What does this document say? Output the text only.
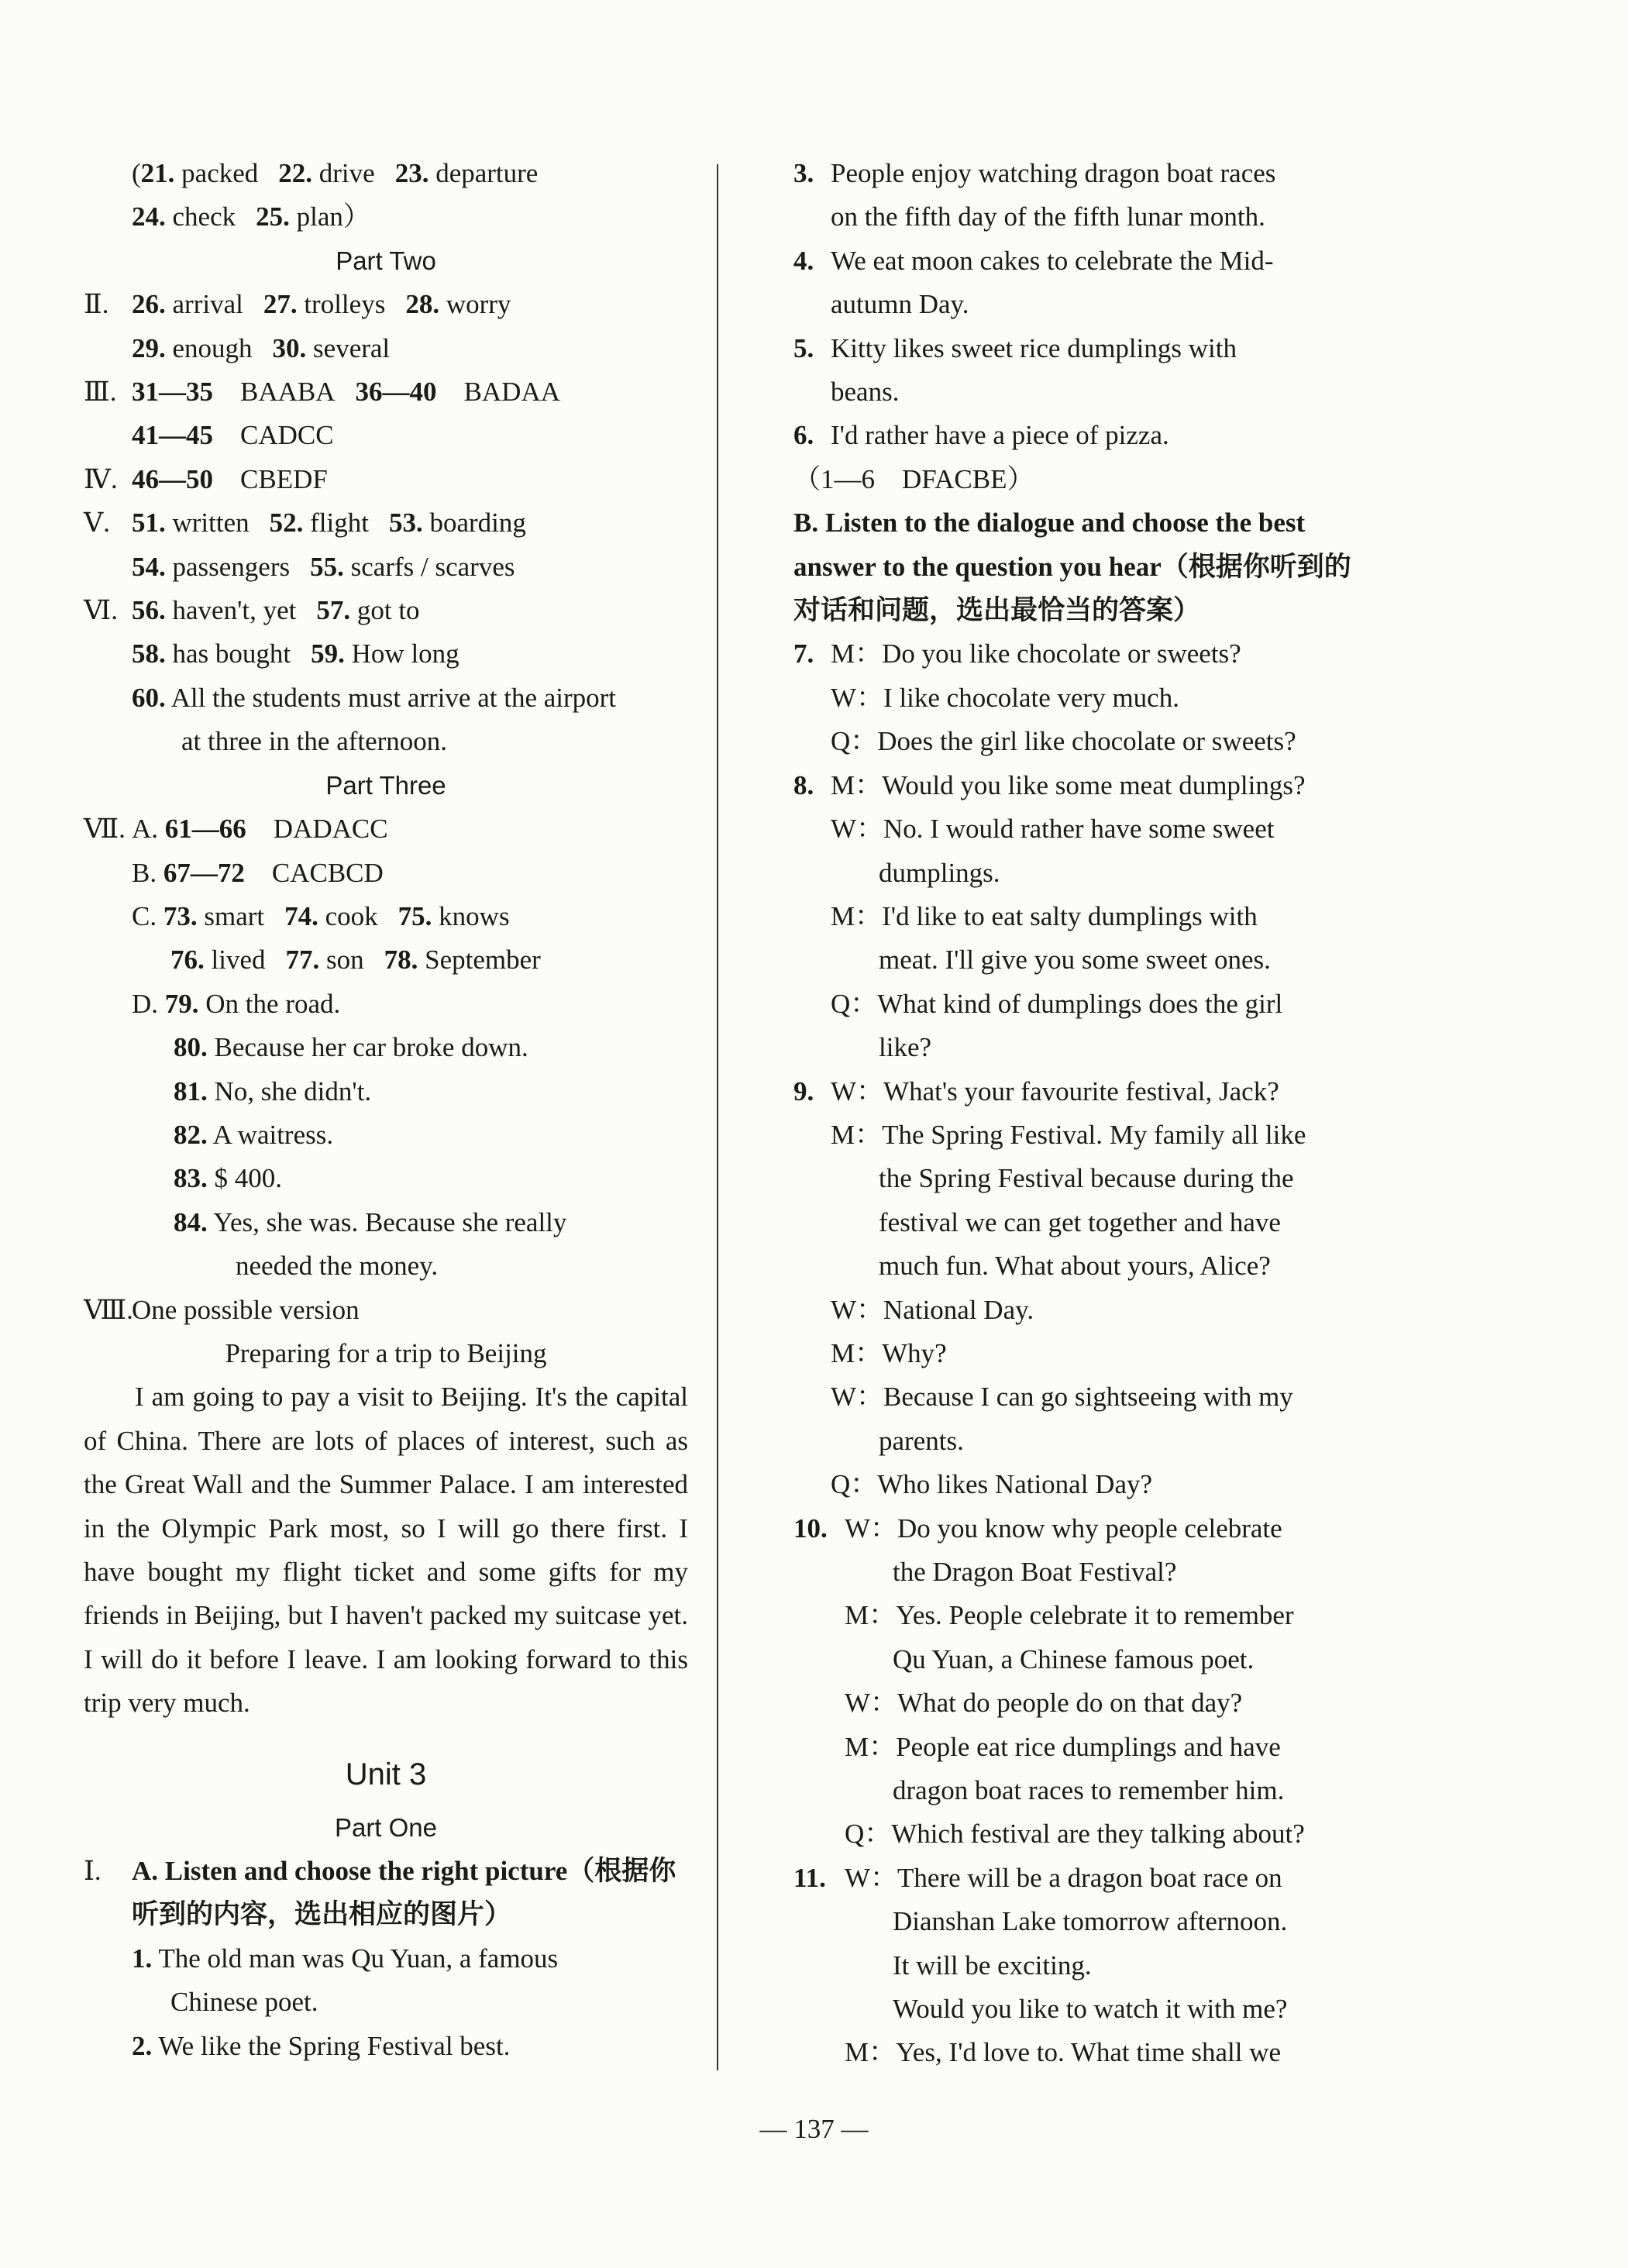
(21. packed 22. drive 23. departure
24. check 25. plan）
Part Two
Ⅱ. 26. arrival 27. trolleys 28. worry
29. enough 30. several
Ⅲ. 31—35　 BAABA 36—40　 BADAA
41—45　 CADCC
Ⅳ. 46—50　 CBEDF
Ⅴ. 51. written 52. flight 53. boarding
54. passengers 55. scarfs / scarves
Ⅵ. 56. haven't, yet 57. got to
58. has bought 59. How long
60. All the students must arrive at the airport
at three in the afternoon.
Part Three
Ⅶ. A. 61—66　 DADACC
B. 67—72　 CACBCD
C. 73. smart 74. cook 75. knows
76. lived 77. son 78. September
D. 79. On the road.
80. Because her car broke down.
81. No, she didn't.
82. A waitress.
83. $ 400.
84. Yes, she was. Because she really
needed the money.
Ⅷ.One possible version
Preparing for a trip to Beijing
I am going to pay a visit to Beijing. It's the capital of China. There are lots of places of interest, such as the Great Wall and the Summer Palace. I am interested in the Olympic Park most, so I will go there first. I have bought my flight ticket and some gifts for my friends in Beijing, but I haven't packed my suitcase yet. I will do it before I leave. I am looking forward to this trip very much.
Unit 3
Part One
Ⅰ.	A. Listen and choose the right picture（根据你听到的内容，选出相应的图片）
1. The old man was Qu Yuan, a famous
Chinese poet.
2. We like the Spring Festival best.
3. People enjoy watching dragon boat races
on the fifth day of the fifth lunar month.
4. We eat moon cakes to celebrate the Mid-
autumn Day.
5. Kitty likes sweet rice dumplings with
beans.
6. I'd rather have a piece of pizza.
（1—6　DFACBE）
B. Listen to the dialogue and choose the best answer to the question you hear（根据你听到的对话和问题，选出最恰当的答案）
7. M：Do you like chocolate or sweets?
W：I like chocolate very much.
Q：Does the girl like chocolate or sweets?
8. M：Would you like some meat dumplings?
W：No. I would rather have some sweet
dumplings.
M：I'd like to eat salty dumplings with
meat. I'll give you some sweet ones.
Q：What kind of dumplings does the girl
like?
9. W：What's your favourite festival, Jack?
M：The Spring Festival. My family all like
the Spring Festival because during the
festival we can get together and have
much fun. What about yours, Alice?
W：National Day.
M：Why?
W：Because I can go sightseeing with my
parents.
Q：Who likes National Day?
10. W：Do you know why people celebrate
the Dragon Boat Festival?
M：Yes. People celebrate it to remember
Qu Yuan, a Chinese famous poet.
W：What do people do on that day?
M：People eat rice dumplings and have
dragon boat races to remember him.
Q：Which festival are they talking about?
11. W：There will be a dragon boat race on
Dianshan Lake tomorrow afternoon.
It will be exciting.
Would you like to watch it with me?
M：Yes, I'd love to. What time shall we
— 137 —
